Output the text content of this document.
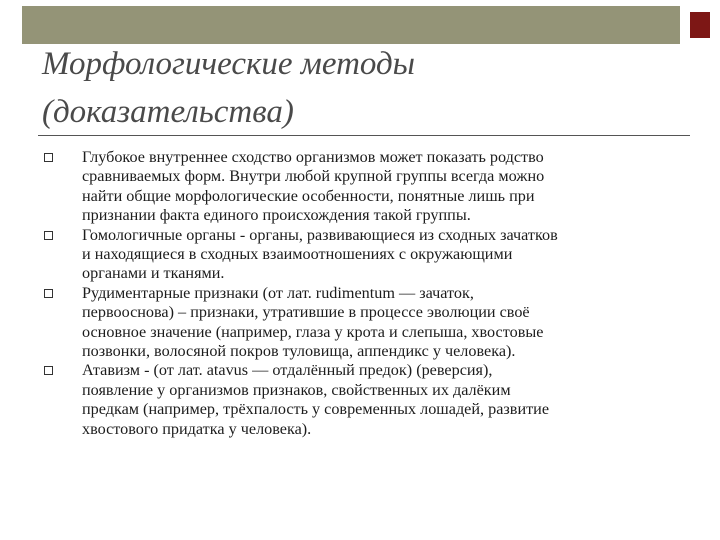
Морфологические методы
(доказательства)
Глубокое внутреннее сходство организмов может показать родство
сравниваемых форм. Внутри любой крупной группы всегда можно
найти общие морфологические особенности, понятные лишь при
признании факта единого происхождения такой группы.
Гомологичные органы - органы, развивающиеся из сходных зачатков
и находящиеся в сходных взаимоотношениях с окружающими
органами и тканями.
Рудиментарные признаки (от лат. rudimentum — зачаток,
первооснова) – признаки, утратившие в процессе эволюции своё
основное значение (например, глаза у крота и слепыша, хвостовые
позвонки, волосяной покров туловища, аппендикс у человека).
Атавизм - (от лат. atavus — отдалённый предок) (реверсия),
появление у организмов признаков, свойственных их далёким
предкам (например, трёхпалость у современных лошадей, развитие
хвостового придатка у человека).
